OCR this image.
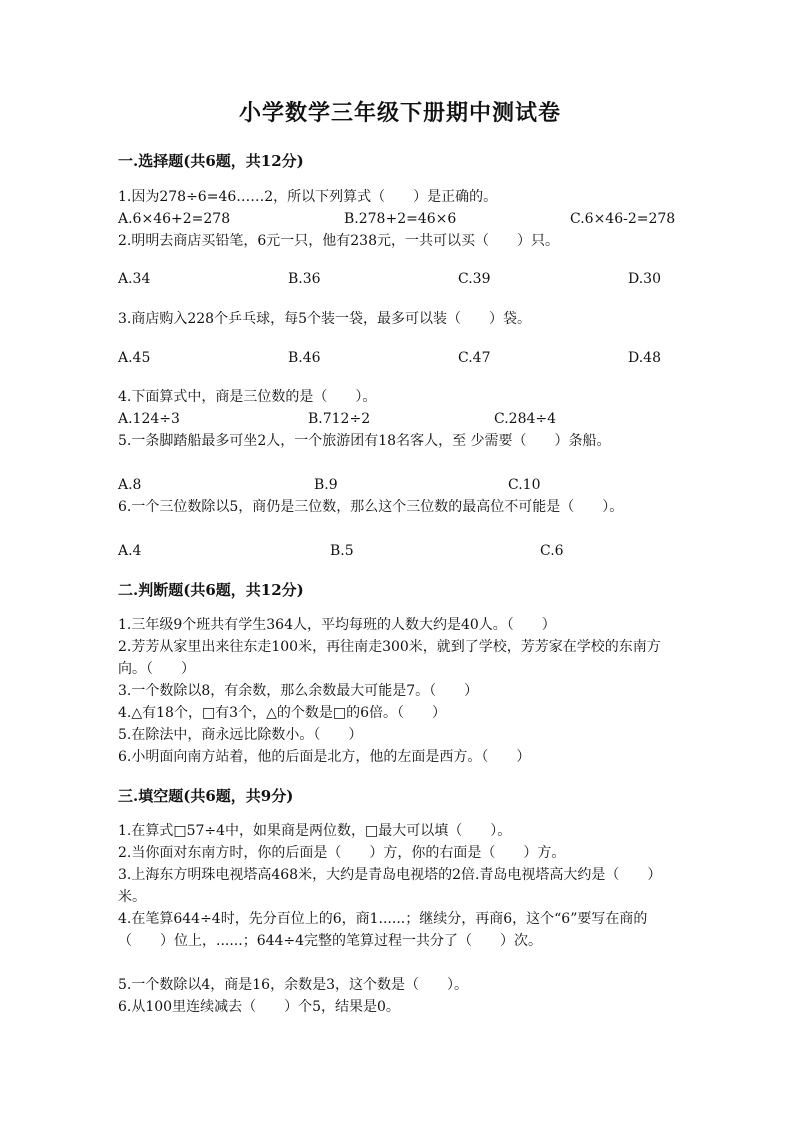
小学数学三年级下册期中测试卷
一.选择题(共6题，共12分)
1.因为278÷6=46……2，所以下列算式（　　）是正确的。
A.6×46+2=278	B.278+2=46×6	C.6×46-2=278
2.明明去商店买铅笔，6元一只，他有238元，一共可以买（　　）只。
A.34	B.36	C.39	D.30
3.商店购入228个乒乓球，每5个装一袋，最多可以装（　　）袋。
A.45	B.46	C.47	D.48
4.下面算式中，商是三位数的是（　　）。
A.124÷3	B.712÷2	C.284÷4
5.一条脚踏船最多可坐2人，一个旅游团有18名客人，至 少需要（　　）条船。
A.8	B.9	C.10
6.一个三位数除以5，商仍是三位数，那么这个三位数的最高位不可能是（　　）。
A.4	B.5	C.6
二.判断题(共6题，共12分)
1.三年级9个班共有学生364人，平均每班的人数大约是40人。（　　）
2.芳芳从家里出来往东走100米，再往南走300米，就到了学校，芳芳家在学校的东南方向。（　　）
3.一个数除以8，有余数，那么余数最大可能是7。（　　）
4.△有18个，□有3个，△的个数是□的6倍。（　　）
5.在除法中，商永远比除数小。（　　）
6.小明面向南方站着，他的后面是北方，他的左面是西方。（　　）
三.填空题(共6题，共9分)
1.在算式□57÷4中，如果商是两位数，□最大可以填（　　）。
2.当你面对东南方时，你的后面是（　　）方，你的右面是（　　）方。
3.上海东方明珠电视塔高468米，大约是青岛电视塔的2倍.青岛电视塔高大约是（　　）米。
4.在笔算644÷4时，先分百位上的6，商1......；继续分，再商6，这个“6”要写在商的（　　）位上，......；644÷4完整的笔算过程一共分了（　　）次。
5.一个数除以4，商是16，余数是3，这个数是（　　）。
6.从100里连续减去（　　）个5，结果是0。
